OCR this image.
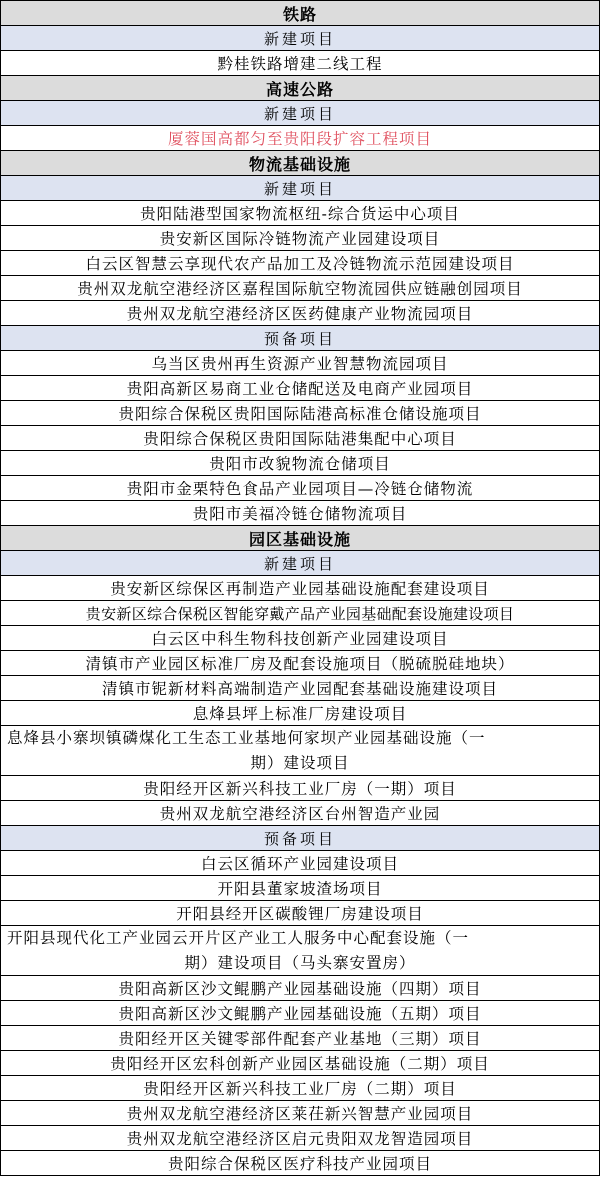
铁路
新建项目
黔桂铁路增建二线工程
高速公路
新建项目
厦蓉国高都匀至贵阳段扩容工程项目
物流基础设施
新建项目
贵阳陆港型国家物流枢纽-综合货运中心项目
贵安新区国际冷链物流产业园建设项目
白云区智慧云享现代农产品加工及冷链物流示范园建设项目
贵州双龙航空港经济区嘉程国际航空物流园供应链融创园项目
贵州双龙航空港经济区医药健康产业物流园项目
预备项目
乌当区贵州再生资源产业智慧物流园项目
贵阳高新区易商工业仓储配送及电商产业园项目
贵阳综合保税区贵阳国际陆港高标准仓储设施项目
贵阳综合保税区贵阳国际陆港集配中心项目
贵阳市改貌物流仓储项目
贵阳市金栗特色食品产业园项目—冷链仓储物流
贵阳市美福冷链仓储物流项目
园区基础设施
新建项目
贵安新区综保区再制造产业园基础设施配套建设项目
贵安新区综合保税区智能穿戴产品产业园基础配套设施建设项目
白云区中科生物科技创新产业园建设项目
清镇市产业园区标准厂房及配套设施项目（脱硫脱硅地块）
清镇市铌新材料高端制造产业园配套基础设施建设项目
息烽县坪上标准厂房建设项目
息烽县小寨坝镇磷煤化工生态工业基地何家坝产业园基础设施（一
期）建设项目
贵阳经开区新兴科技工业厂房（一期）项目
贵州双龙航空港经济区台州智造产业园
预备项目
白云区循环产业园建设项目
开阳县董家坡渣场项目
开阳县经开区碳酸锂厂房建设项目
开阳县现代化工产业园云开片区产业工人服务中心配套设施（一
期）建设项目（马头寨安置房）
贵阳高新区沙文鲲鹏产业园基础设施（四期）项目
贵阳高新区沙文鲲鹏产业园基础设施（五期）项目
贵阳经开区关键零部件配套产业基地（三期）项目
贵阳经开区宏科创新产业园区基础设施（二期）项目
贵阳经开区新兴科技工业厂房（二期）项目
贵州双龙航空港经济区莱茌新兴智慧产业园项目
贵州双龙航空港经济区启元贵阳双龙智造园项目
贵阳综合保税区医疗科技产业园项目
